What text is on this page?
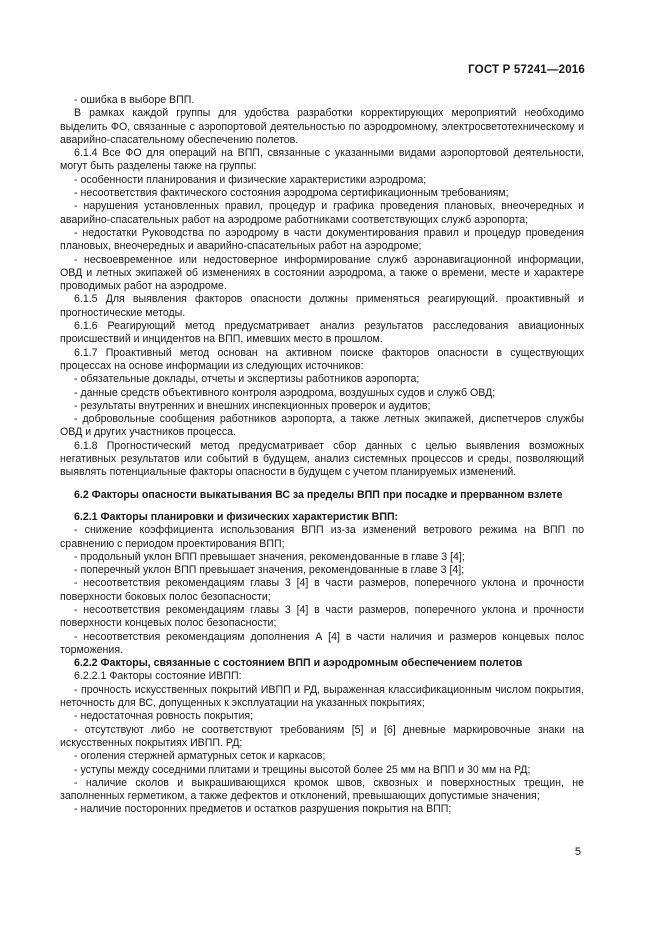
ГОСТ Р 57241—2016

- ошибка в выборе ВПП.

В рамках каждой группы для удобства разработки корректирующих мероприятий необходимо выделить ФО, связанные с аэропортовой деятельностью по аэродромному, электросветотехническому и аварийно-спасательному обеспечению полетов.

6.1.4 Все ФО для операций на ВПП, связанные с указанными видами аэропортовой деятельности, могут быть разделены также на группы:

- особенности планирования и физические характеристики аэродрома;

- несоответствия фактического состояния аэродрома сертификационным требованиям;

- нарушения установленных правил, процедур и графика проведения плановых, внеочередных и аварийно-спасательных работ на аэродроме работниками соответствующих служб аэропорта;

- недостатки Руководства по аэродрому в части документирования правил и процедур проведения плановых, внеочередных и аварийно-спасательных работ на аэродроме;

- несвоевременное или недостоверное информирование служб аэронавигационной информации, ОВД и летных экипажей об изменениях в состоянии аэродрома, а также о времени, месте и характере проводимых работ на аэродроме.

6.1.5 Для выявления факторов опасности должны применяться реагирующий. проактивный и прогностические методы.

6.1.6 Реагирующий метод предусматривает анализ результатов расследования авиационных происшествий и инцидентов на ВПП, имевших место в прошлом.

6.1.7 Проактивный метод основан на активном поиске факторов опасности в существующих процессах на основе информации из следующих источников:

- обязательные доклады, отчеты и экспертизы работников аэропорта;

- данные средств объективного контроля аэродрома, воздушных судов и служб ОВД;

- результаты внутренних и внешних инспекционных проверок и аудитов;

- добровольные сообщения работников аэропорта, а также летных экипажей, диспетчеров службы ОВД и других участников процесса.

6.1.8 Прогностический метод предусматривает сбор данных с целью выявления возможных негативных результатов или событий в будущем, анализ системных процессов и среды, позволяющий выявлять потенциальные факторы опасности в будущем с учетом планируемых изменений.

6.2 Факторы опасности выкатывания ВС за пределы ВПП при посадке и прерванном взлете

6.2.1 Факторы планировки и физических характеристик ВПП:

- снижение коэффициента использования ВПП из-за изменений ветрового режима на ВПП по сравнению с периодом проектирования ВПП;

- продольный уклон ВПП превышает значения, рекомендованные в главе 3 [4];

- поперечный уклон ВПП превышает значения, рекомендованные в главе 3 [4];

- несоответствия рекомендациям главы 3 [4] в части размеров, поперечного уклона и прочности поверхности боковых полос безопасности;

- несоответствия рекомендациям главы 3 [4] в части размеров, поперечного уклона и прочности поверхности концевых полос безопасности;

- несоответствия рекомендациям дополнения А [4] в части наличия и размеров концевых полос торможения.

6.2.2 Факторы, связанные с состоянием ВПП и аэродромным обеспечением полетов

6.2.2.1 Факторы состояние ИВПП:

- прочность искусственных покрытий ИВПП и РД, выраженная классификационным числом покрытия, неточность для ВС, допущенных к эксплуатации на указанных покрытиях;

- недостаточная ровность покрытия;

- отсутствуют либо не соответствуют требованиям [5] и [6] дневные маркировочные знаки на искусственных покрытиях ИВПП. РД;

- оголения стержней арматурных сеток и каркасов;

- уступы между соседними плитами и трещины высотой более 25 мм на ВПП и 30 мм на РД;

- наличие сколов и выкрашивающихся кромок швов, сквозных и поверхностных трещин, не заполненных герметиком, а также дефектов и отклонений, превышающих допустимые значения;

- наличие посторонних предметов и остатков разрушения покрытия на ВПП;

5
